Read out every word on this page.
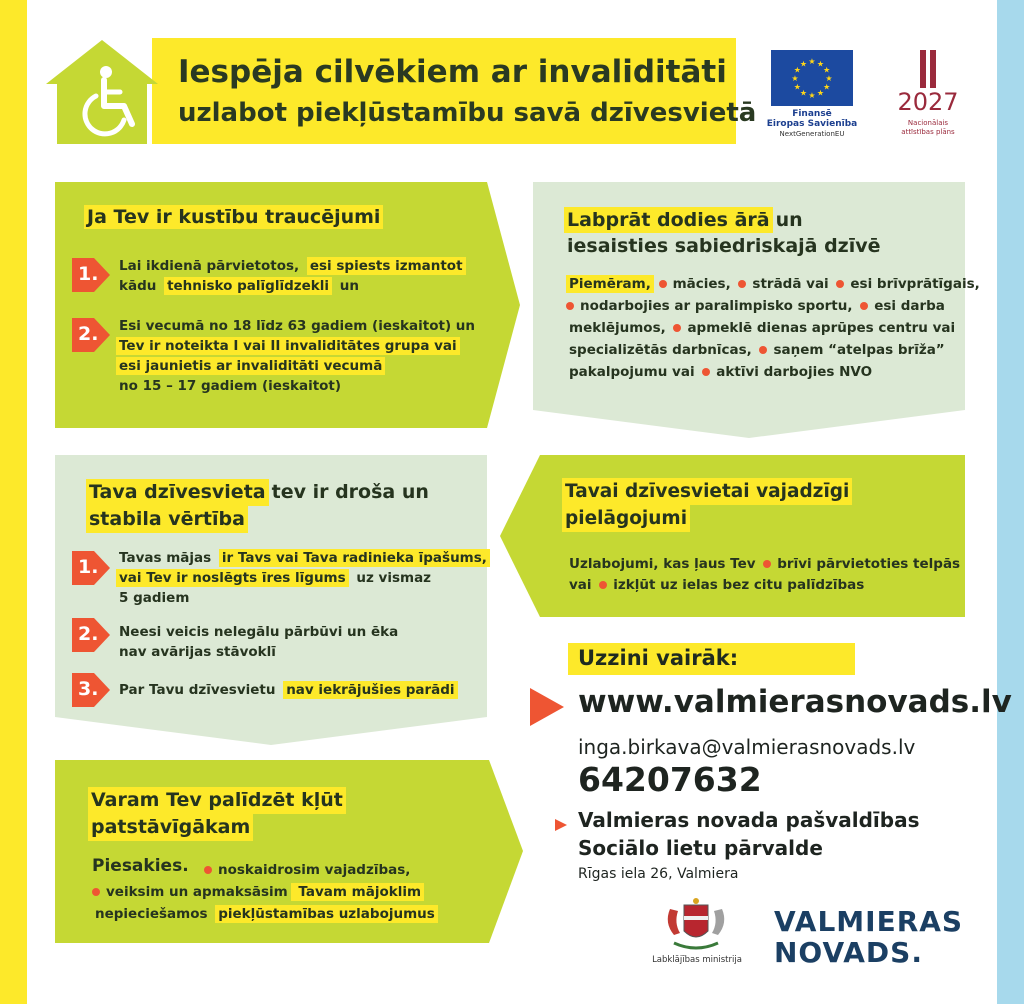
Iespēja cilvēkiem ar invaliditāti
uzlabot piekļūstamību savā dzīvesvietā
★
★
★
★
★
★
★
★
★ ★ ★
★
Finansē
Eiropas Savienība
NextGenerationEU
2027
Nacionālais
attīstības plāns
Ja Tev ir kustību traucējumi
1. Lai ikdienā pārvietotos, esi spiests izmantot
kādu tehnisko palīglīdzekli un
2. Esi vecumā no 18 līdz 63 gadiem (ieskaitot) un
Tev ir noteikta I vai II invaliditātes grupa vai
esi jaunietis ar invaliditāti vecumā
no 15 – 17 gadiem (ieskaitot)
Labprāt dodies ārāun
iesaisties sabiedriskajā dzīvē
Piemēram, mācies, strādā vai esi brīvprātīgais,
nodarbojies ar paralimpisko sportu, esi darba
meklējumos, apmeklē dienas aprūpes centru vai
specializētās darbnīcas, saņem “atelpas brīža”
pakalpojumu vai aktīvi darbojies NVO
Tava dzīvesvietatev ir droša un
stabila vērtība
1. Tavas mājas ir Tavs vai Tava radinieka īpašums,
vai Tev ir noslēgts īres līgums uz vismaz
5 gadiem
2. Neesi veicis nelegālu pārbūvi un ēka
nav avārijas stāvoklī
3. Par Tavu dzīvesvietu nav iekrājušies parādi
Tavai dzīvesvietai vajadzīgi
pielāgojumi
Uzlabojumi, kas ļaus Tev brīvi pārvietoties telpās
vai izkļūt uz ielas bez citu palīdzības
Varam Tev palīdzēt kļūt
patstāvīgākam
Piesakies.	noskaidrosim vajadzības,
veiksim un apmaksāsim Tavam mājoklim
nepieciešamos piekļūstamības uzlabojumus
Uzzini vairāk:
www.valmierasnovads.lv
inga.birkava@valmierasnovads.lv
64207632
Valmieras novada pašvaldības
Sociālo lietu pārvalde
Rīgas iela 26, Valmiera
Labklājības ministrija
VALMIERAS
NOVADS.
